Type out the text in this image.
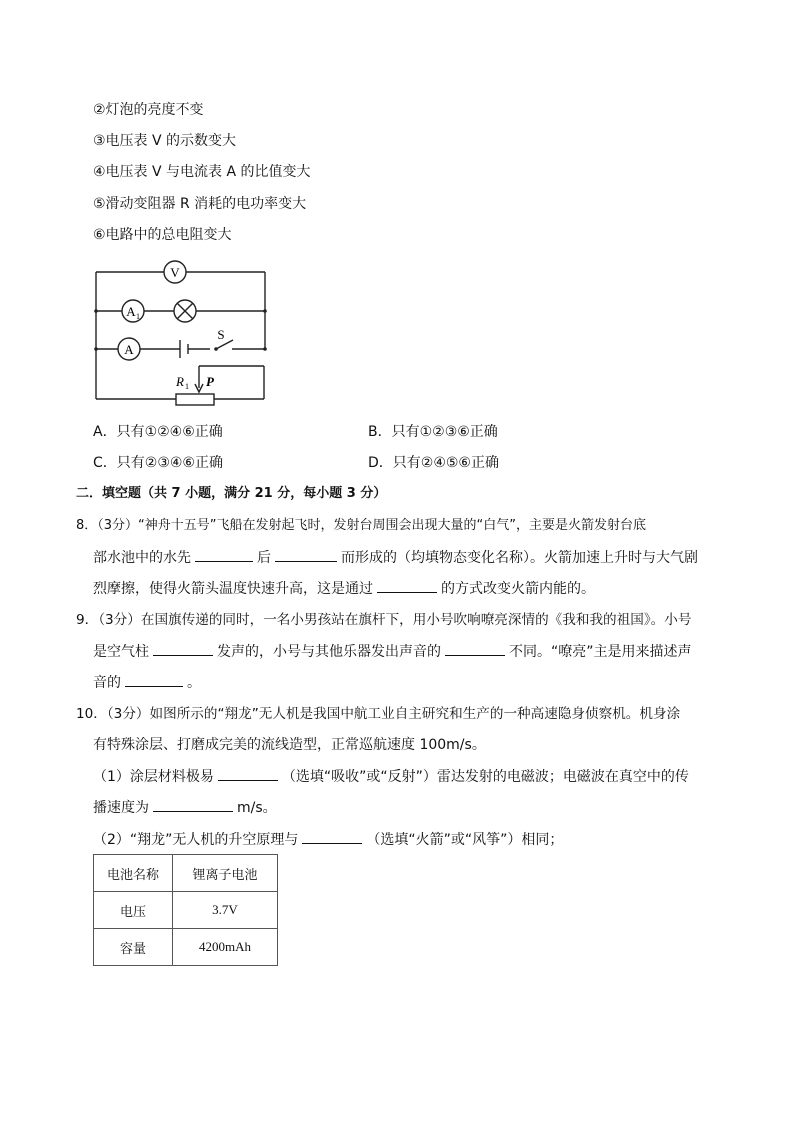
②灯泡的亮度不变
③电压表 V 的示数变大
④电压表 V 与电流表 A 的比值变大
⑤滑动变阻器 R 消耗的电功率变大
⑥电路中的总电阻变大
V
A 1
A
S
R 1 P
A．只有①②④⑥正确	B．只有①②③⑥正确
C．只有②③④⑥正确	D．只有②④⑤⑥正确
二．填空题（共 7 小题，满分 21 分，每小题 3 分）
8．（3分）“神舟十五号”飞船在发射起飞时，发射台周围会出现大量的“白气”，主要是火箭发射台底
部水池中的水先	后	而形成的（均填物态变化名称）。火箭加速上升时与大气剧
烈摩擦，使得火箭头温度快速升高，这是通过	的方式改变火箭内能的。
9．（3分）在国旗传递的同时，一名小男孩站在旗杆下，用小号吹响嘹亮深情的《我和我的祖国》。小号
是空气柱	发声的，小号与其他乐器发出声音的	不同。“嘹亮”主是用来描述声
音的	。
10．（3分）如图所示的“翔龙”无人机是我国中航工业自主研究和生产的一种高速隐身侦察机。机身涂
有特殊涂层、打磨成完美的流线造型，正常巡航速度 100m/s。
（1）涂层材料极易	（选填“吸收”或“反射”）雷达发射的电磁波；电磁波在真空中的传
播速度为	m/s。
（2）“翔龙”无人机的升空原理与	（选填“火箭”或“风筝”）相同；
电池名称	锂离子电池
电压	3.7V
容量	4200mAh
